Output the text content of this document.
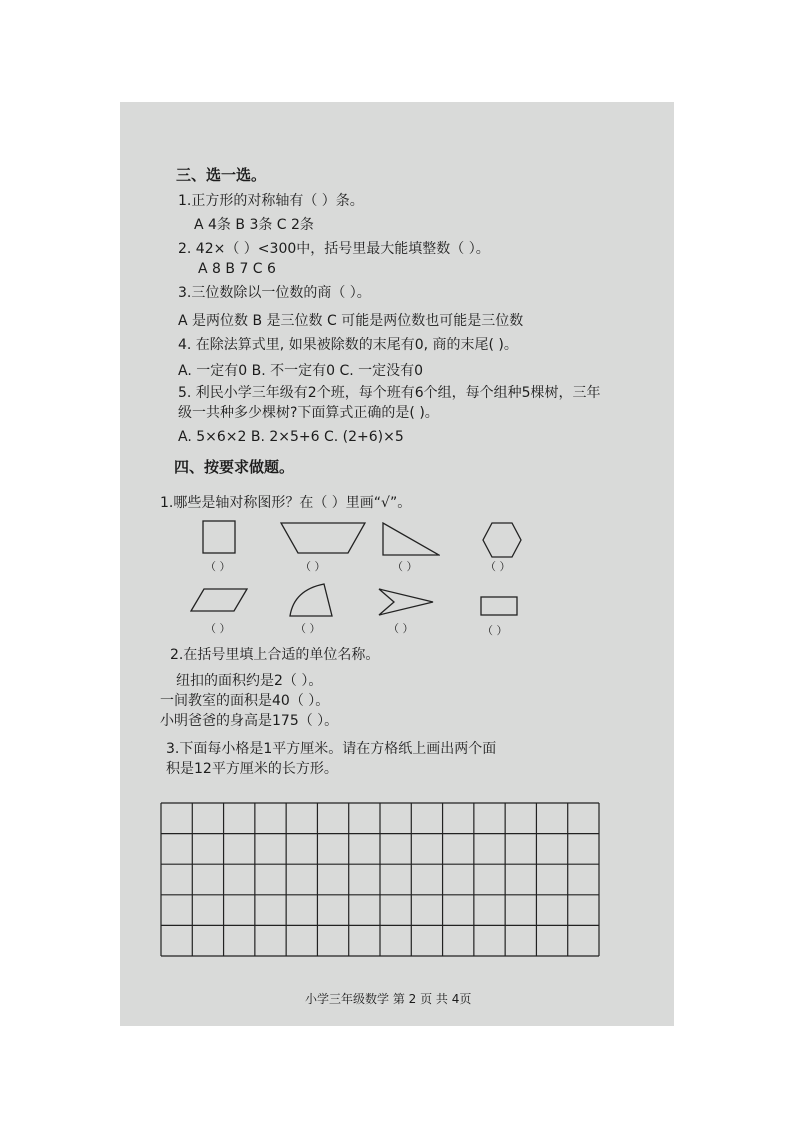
三、选一选。
1.正方形的对称轴有（ ）条。
A 4条 B 3条 C 2条
2. 42×（ ）<300中，括号里最大能填整数（ ）。
A 8 B 7 C 6
3.三位数除以一位数的商（ ）。
A 是两位数 B 是三位数 C 可能是两位数也可能是三位数
4. 在除法算式里, 如果被除数的末尾有0, 商的末尾( )。
A. 一定有0 B. 不一定有0 C. 一定没有0
5. 利民小学三年级有2个班，每个班有6个组，每个组种5棵树，三年
级一共种多少棵树?下面算式正确的是( )。
A. 5×6×2 B. 2×5+6 C. (2+6)×5
四、按要求做题。
1.哪些是轴对称图形？在（ ）里画“√”。
（ ）	（ ）	（ ）	（ ）
（ ）	（ ）	（ ）	（ ）
2.在括号里填上合适的单位名称。
纽扣的面积约是2（ ）。
一间教室的面积是40（ ）。
小明爸爸的身高是175（ ）。
3.下面每小格是1平方厘米。请在方格纸上画出两个面
积是12平方厘米的长方形。
小学三年级数学 第 2 页 共 4页
